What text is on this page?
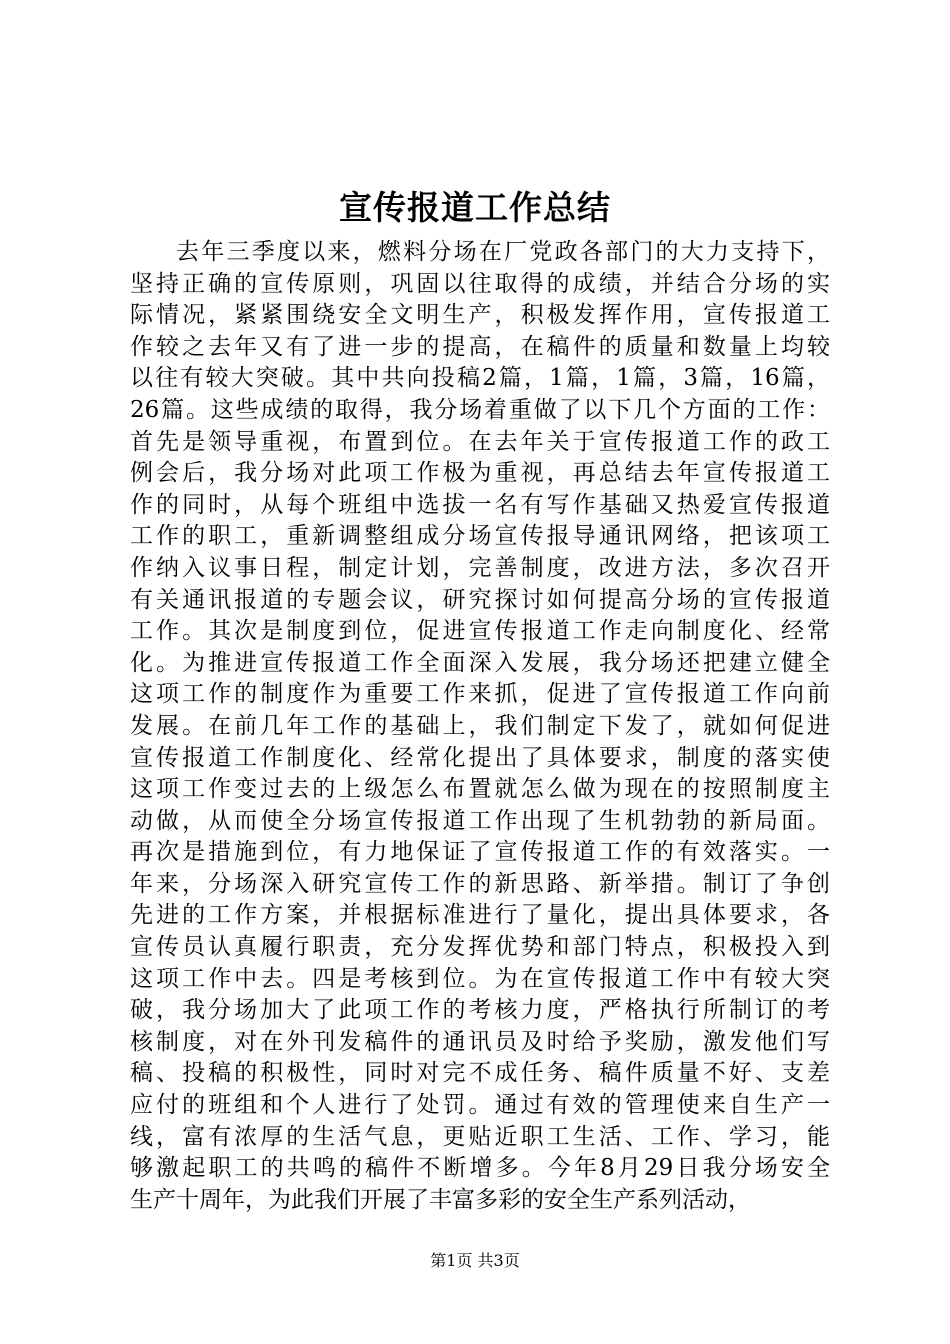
宣传报道工作总结
去年三季度以来，燃料分场在厂党政各部门的大力支持下，
坚持正确的宣传原则，巩固以往取得的成绩，并结合分场的实
际情况，紧紧围绕安全文明生产，积极发挥作用，宣传报道工
作较之去年又有了进一步的提高，在稿件的质量和数量上均较
以往有较大突破。其中共向投稿2篇，1篇，1篇，3篇，16篇，
26篇。这些成绩的取得，我分场着重做了以下几个方面的工作：
首先是领导重视，布置到位。在去年关于宣传报道工作的政工
例会后，我分场对此项工作极为重视，再总结去年宣传报道工
作的同时，从每个班组中选拔一名有写作基础又热爱宣传报道
工作的职工，重新调整组成分场宣传报导通讯网络，把该项工
作纳入议事日程，制定计划，完善制度，改进方法，多次召开
有关通讯报道的专题会议，研究探讨如何提高分场的宣传报道
工作。其次是制度到位，促进宣传报道工作走向制度化、经常
化。为推进宣传报道工作全面深入发展，我分场还把建立健全
这项工作的制度作为重要工作来抓，促进了宣传报道工作向前
发展。在前几年工作的基础上，我们制定下发了，就如何促进
宣传报道工作制度化、经常化提出了具体要求，制度的落实使
这项工作变过去的上级怎么布置就怎么做为现在的按照制度主
动做，从而使全分场宣传报道工作出现了生机勃勃的新局面。
再次是措施到位，有力地保证了宣传报道工作的有效落实。一
年来，分场深入研究宣传工作的新思路、新举措。制订了争创
先进的工作方案，并根据标准进行了量化，提出具体要求，各
宣传员认真履行职责，充分发挥优势和部门特点，积极投入到
这项工作中去。四是考核到位。为在宣传报道工作中有较大突
破，我分场加大了此项工作的考核力度，严格执行所制订的考
核制度，对在外刊发稿件的通讯员及时给予奖励，激发他们写
稿、投稿的积极性，同时对完不成任务、稿件质量不好、支差
应付的班组和个人进行了处罚。通过有效的管理使来自生产一
线，富有浓厚的生活气息，更贴近职工生活、工作、学习，能
够激起职工的共鸣的稿件不断增多。今年8月29日我分场安全
生产十周年，为此我们开展了丰富多彩的安全生产系列活动，
第1页 共3页
